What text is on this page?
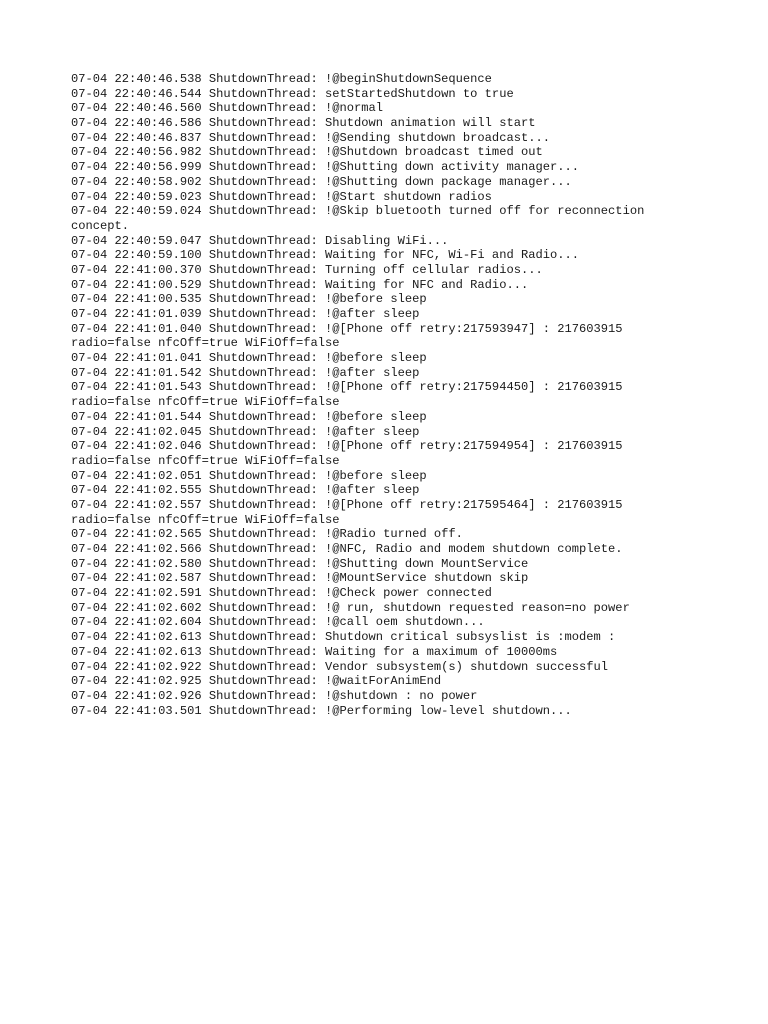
07-04 22:40:46.538 ShutdownThread: !@beginShutdownSequence
07-04 22:40:46.544 ShutdownThread: setStartedShutdown to true
07-04 22:40:46.560 ShutdownThread: !@normal
07-04 22:40:46.586 ShutdownThread: Shutdown animation will start
07-04 22:40:46.837 ShutdownThread: !@Sending shutdown broadcast...
07-04 22:40:56.982 ShutdownThread: !@Shutdown broadcast timed out
07-04 22:40:56.999 ShutdownThread: !@Shutting down activity manager...
07-04 22:40:58.902 ShutdownThread: !@Shutting down package manager...
07-04 22:40:59.023 ShutdownThread: !@Start shutdown radios
07-04 22:40:59.024 ShutdownThread: !@Skip bluetooth turned off for reconnection
concept.
07-04 22:40:59.047 ShutdownThread: Disabling WiFi...
07-04 22:40:59.100 ShutdownThread: Waiting for NFC, Wi-Fi and Radio...
07-04 22:41:00.370 ShutdownThread: Turning off cellular radios...
07-04 22:41:00.529 ShutdownThread: Waiting for NFC and Radio...
07-04 22:41:00.535 ShutdownThread: !@before sleep
07-04 22:41:01.039 ShutdownThread: !@after sleep
07-04 22:41:01.040 ShutdownThread: !@[Phone off retry:217593947] : 217603915
radio=false nfcOff=true WiFiOff=false
07-04 22:41:01.041 ShutdownThread: !@before sleep
07-04 22:41:01.542 ShutdownThread: !@after sleep
07-04 22:41:01.543 ShutdownThread: !@[Phone off retry:217594450] : 217603915
radio=false nfcOff=true WiFiOff=false
07-04 22:41:01.544 ShutdownThread: !@before sleep
07-04 22:41:02.045 ShutdownThread: !@after sleep
07-04 22:41:02.046 ShutdownThread: !@[Phone off retry:217594954] : 217603915
radio=false nfcOff=true WiFiOff=false
07-04 22:41:02.051 ShutdownThread: !@before sleep
07-04 22:41:02.555 ShutdownThread: !@after sleep
07-04 22:41:02.557 ShutdownThread: !@[Phone off retry:217595464] : 217603915
radio=false nfcOff=true WiFiOff=false
07-04 22:41:02.565 ShutdownThread: !@Radio turned off.
07-04 22:41:02.566 ShutdownThread: !@NFC, Radio and modem shutdown complete.
07-04 22:41:02.580 ShutdownThread: !@Shutting down MountService
07-04 22:41:02.587 ShutdownThread: !@MountService shutdown skip
07-04 22:41:02.591 ShutdownThread: !@Check power connected
07-04 22:41:02.602 ShutdownThread: !@ run, shutdown requested reason=no power
07-04 22:41:02.604 ShutdownThread: !@call oem shutdown...
07-04 22:41:02.613 ShutdownThread: Shutdown critical subsyslist is :modem :
07-04 22:41:02.613 ShutdownThread: Waiting for a maximum of 10000ms
07-04 22:41:02.922 ShutdownThread: Vendor subsystem(s) shutdown successful
07-04 22:41:02.925 ShutdownThread: !@waitForAnimEnd
07-04 22:41:02.926 ShutdownThread: !@shutdown : no power
07-04 22:41:03.501 ShutdownThread: !@Performing low-level shutdown...
